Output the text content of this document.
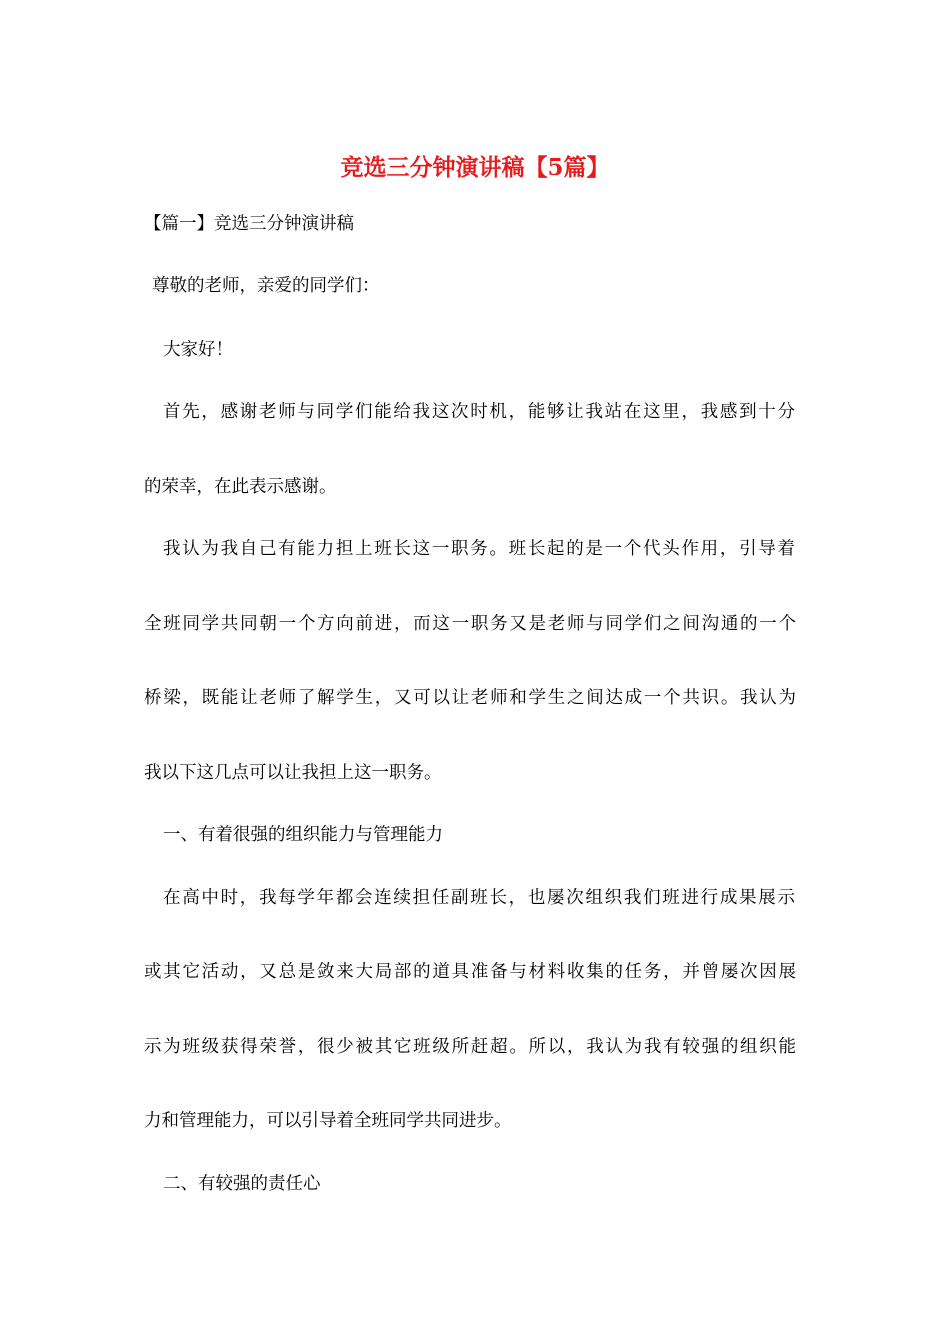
竞选三分钟演讲稿【5篇】

【篇一】竞选三分钟演讲稿

尊敬的老师，亲爱的同学们：

大家好！

首先，感谢老师与同学们能给我这次时机，能够让我站在这里，我感到十分

的荣幸，在此表示感谢。

我认为我自己有能力担上班长这一职务。班长起的是一个代头作用，引导着

全班同学共同朝一个方向前进，而这一职务又是老师与同学们之间沟通的一个

桥梁，既能让老师了解学生，又可以让老师和学生之间达成一个共识。我认为

我以下这几点可以让我担上这一职务。

一、有着很强的组织能力与管理能力

在高中时，我每学年都会连续担任副班长，也屡次组织我们班进行成果展示

或其它活动，又总是敛来大局部的道具准备与材料收集的任务，并曾屡次因展

示为班级获得荣誉，很少被其它班级所赶超。所以，我认为我有较强的组织能

力和管理能力，可以引导着全班同学共同进步。

二、有较强的责任心
